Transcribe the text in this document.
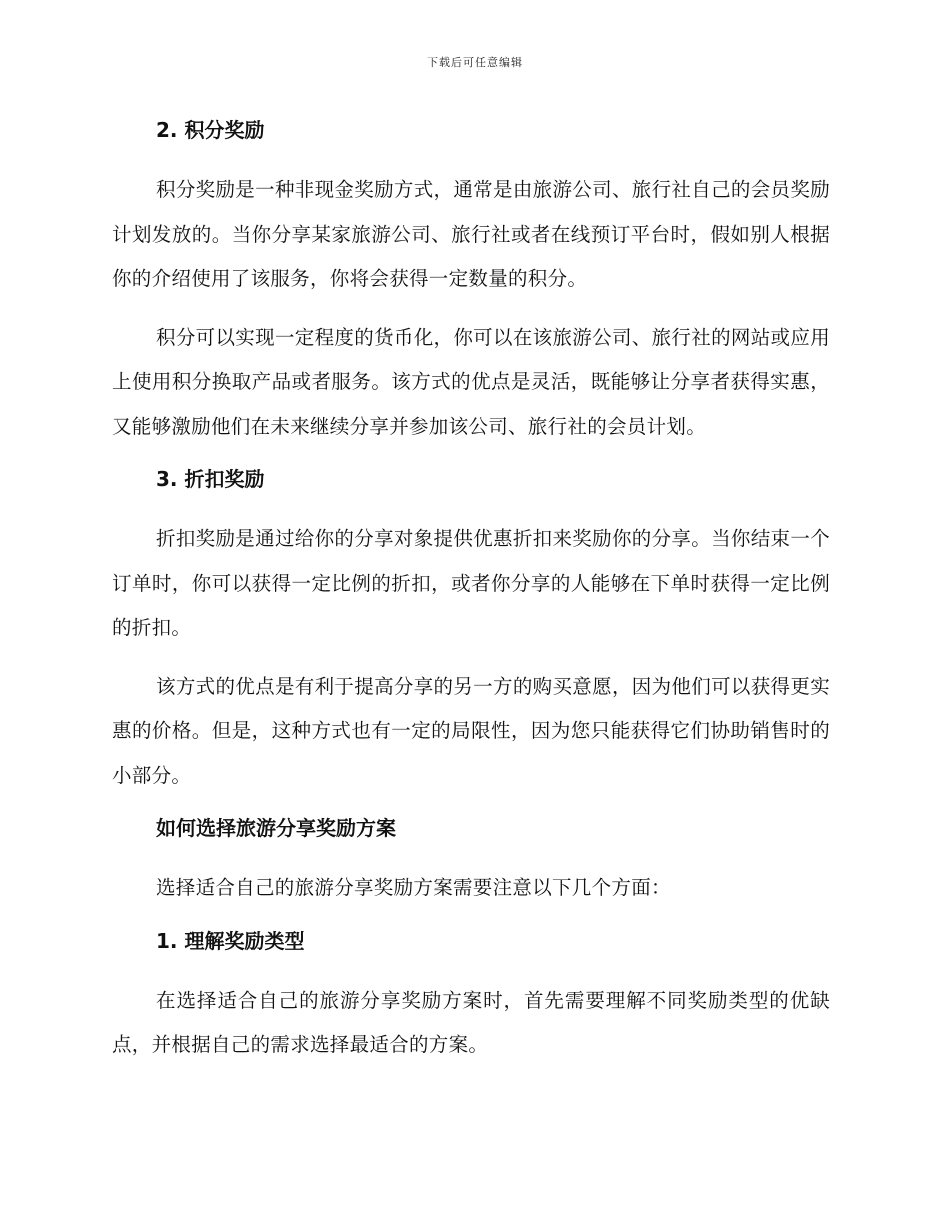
下载后可任意编辑
2. 积分奖励

积分奖励是一种非现金奖励方式，通常是由旅游公司、旅行社自己的会员奖励计划发放的。当你分享某家旅游公司、旅行社或者在线预订平台时，假如别人根据你的介绍使用了该服务，你将会获得一定数量的积分。

积分可以实现一定程度的货币化，你可以在该旅游公司、旅行社的网站或应用上使用积分换取产品或者服务。该方式的优点是灵活，既能够让分享者获得实惠，又能够激励他们在未来继续分享并参加该公司、旅行社的会员计划。

3. 折扣奖励

折扣奖励是通过给你的分享对象提供优惠折扣来奖励你的分享。当你结束一个订单时，你可以获得一定比例的折扣，或者你分享的人能够在下单时获得一定比例的折扣。

该方式的优点是有利于提高分享的另一方的购买意愿，因为他们可以获得更实惠的价格。但是，这种方式也有一定的局限性，因为您只能获得它们协助销售时的小部分。

如何选择旅游分享奖励方案

选择适合自己的旅游分享奖励方案需要注意以下几个方面：

1. 理解奖励类型

在选择适合自己的旅游分享奖励方案时，首先需要理解不同奖励类型的优缺点，并根据自己的需求选择最适合的方案。
